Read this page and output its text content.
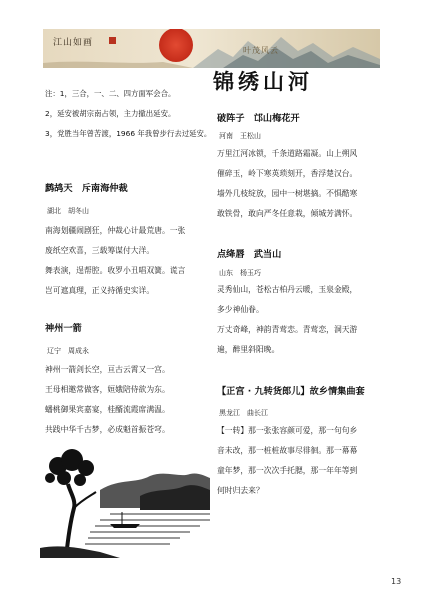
江山如画
叶茂风云
锦绣山河

注：1，三合，一、二、四方面军会合。

2，延安被胡宗南占领，主力撤出延安。

3，党胜当年曾苦渡，1966 年我曾步行去过延安。

鹧鸪天　斥南海仲裁
湖北　胡冬山

南海划疆闹剧狂，仲裁心计最荒唐。一张

废纸空欢喜，三载筹谋付大洋。

舞表演，逞帮腔。收罗小丑唱双簧。谎言

岂可遮真理，正义持循史实详。

神州一箭
辽宁　周成永

神州一箭剑长空，亘古云霄又一宫。

王母相邀常做客，姮娥陪侍欲为东。

蟠桃御果宾嘉宴，桂醑流霞席满温。

共践中华千古梦，必成魁首振苍穹。

破阵子　邙山梅花开
河南　王松山

万里江河冰锁，千条道路霜凝。山上朔风

催碎玉，岭下寒英琐刻开，香浮楚汉台。

墙外几枝绽放，园中一树堪摘。不惧酷寒

敢铁骨，敢向严冬任意栽，倾城芳满怀。

点绛唇　武当山
山东　杨玉巧

灵秀仙山，苍松古柏丹云暖，玉泉金殿，

多少神仙眷。

万丈奇峰，神韵青莺恋。青莺恋，洞天游

遍，醉里斜阳晚。

【正宫 · 九转货郎儿】故乡情集曲套
黑龙江　曲长江

【一转】那一张张容颜可爱，那一句句乡

音未改，那一桩桩故事尽徘徊。那一幕幕

童年梦，那一次次手托腮，那一年年等到

何时归去来？

13
